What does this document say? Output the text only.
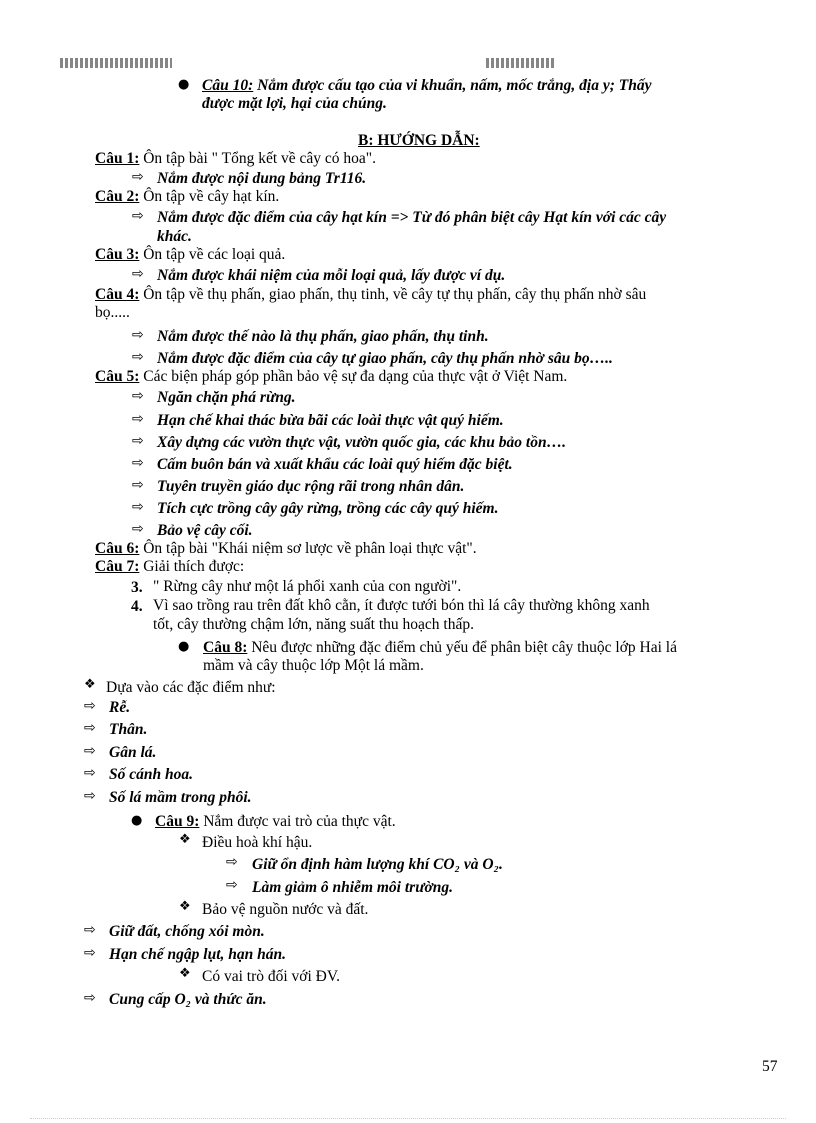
● Câu 10: Nắm được cấu tạo của vi khuẩn, nấm, mốc trắng, địa y; Thấy
được mặt lợi, hại của chúng.
B: HƯỚNG DẪN:
Câu 1: Ôn tập bài " Tổng kết về cây có hoa".
⇨ Nắm được nội dung bảng Tr116.
Câu 2: Ôn tập về cây hạt kín.
⇨ Nắm được đặc điểm của cây hạt kín => Từ đó phân biệt cây Hạt kín với các cây
khác.
Câu 3: Ôn tập về các loại quả.
⇨ Nắm được khái niệm của mỗi loại quả, lấy được ví dụ.
Câu 4: Ôn tập về thụ phấn, giao phấn, thụ tinh, về cây tự thụ phấn, cây thụ phấn nhờ sâu
bọ.....
⇨ Nắm được thế nào là thụ phấn, giao phấn, thụ tinh.
⇨ Nắm được đặc điểm của cây tự giao phấn, cây thụ phấn nhờ sâu bọ…..
Câu 5: Các biện pháp góp phần bảo vệ sự đa dạng của thực vật ở Việt Nam.
⇨ Ngăn chặn phá rừng.
⇨ Hạn chế khai thác bừa bãi các loài thực vật quý hiếm.
⇨ Xây dựng các vườn thực vật, vườn quốc gia, các khu bảo tồn….
⇨ Cấm buôn bán và xuất khẩu các loài quý hiếm đặc biệt.
⇨ Tuyên truyền giáo dục rộng rãi trong nhân dân.
⇨ Tích cực trồng cây gây rừng, trồng các cây quý hiếm.
⇨ Bảo vệ cây cối.
Câu 6: Ôn tập bài "Khái niệm sơ lược về phân loại thực vật".
Câu 7: Giải thích được:
3. " Rừng cây như một lá phổi xanh của con người".
4. Vì sao trồng rau trên đất khô cằn, ít được tưới bón thì lá cây thường không xanh
tốt, cây thường chậm lớn, năng suất thu hoạch thấp.
● Câu 8: Nêu được những đặc điểm chủ yếu để phân biệt cây thuộc lớp Hai lá
mầm và cây thuộc lớp Một lá mầm.
❖ Dựa vào các đặc điểm như:
⇨ Rễ.
⇨ Thân.
⇨ Gân lá.
⇨ Số cánh hoa.
⇨ Số lá mầm trong phôi.
● Câu 9: Nắm được vai trò của thực vật.
❖ Điều hoà khí hậu.
⇨ Giữ ổn định hàm lượng khí CO₂ và O₂.
⇨ Làm giảm ô nhiễm môi trường.
❖ Bảo vệ nguồn nước và đất.
⇨ Giữ đất, chống xói mòn.
⇨ Hạn chế ngập lụt, hạn hán.
❖ Có vai trò đối với ĐV.
⇨ Cung cấp O₂ và thức ăn.
57
